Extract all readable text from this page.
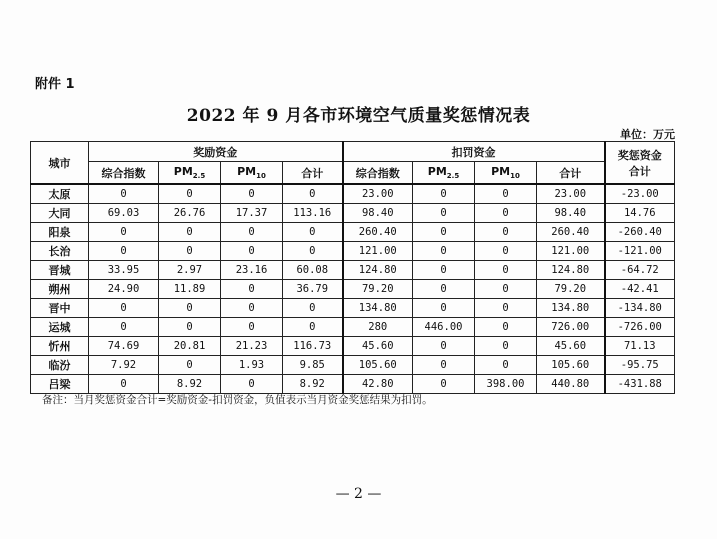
附件 1
2022 年 9 月各市环境空气质量奖惩情况表
单位：万元
城市	奖励资金				扣罚资金				奖惩资金
合计

	综合指数	$PM_{2.5}$	$PM_{10}$	合计	综合指数	$PM_{2.5}$	$PM_{10}$	合计	
太原	0	0	0	0	23.00	0	0	23.00	-23.00
大同	69.03	26.76	17.37	113.16	98.40	0	0	98.40	14.76
阳泉	0	0	0	0	260.40	0	0	260.40	-260.40
长治	0	0	0	0	121.00	0	0	121.00	-121.00
晋城	33.95	2.97	23.16	60.08	124.80	0	0	124.80	-64.72
朔州	24.90	11.89	0	36.79	79.20	0	0	79.20	-42.41
晋中	0	0	0	0	134.80	0	0	134.80	-134.80
运城	0	0	0	0	280	446.00	0	726.00	-726.00
忻州	74.69	20.81	21.23	116.73	45.60	0	0	45.60	71.13
临汾	7.92	0	1.93	9.85	105.60	0	0	105.60	-95.75
吕梁	0	8.92	0	8.92	42.80	0	398.00	440.80	-431.88
备注：当月奖惩资金合计=奖励资金-扣罚资金，负值表示当月资金奖惩结果为扣罚。
— 2 —
